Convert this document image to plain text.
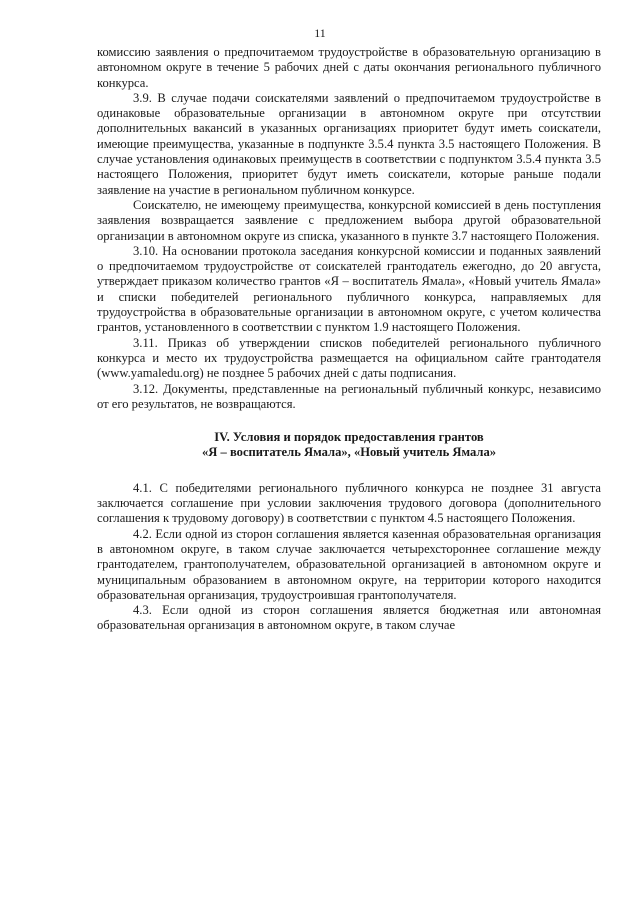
11

комиссию заявления о предпочитаемом трудоустройстве в образовательную организацию в автономном округе в течение 5 рабочих дней с даты окончания регионального публичного конкурса.

3.9. В случае подачи соискателями заявлений о предпочитаемом трудоустройстве в одинаковые образовательные организации в автономном округе при отсутствии дополнительных вакансий в указанных организациях приоритет будут иметь соискатели, имеющие преимущества, указанные в подпункте 3.5.4 пункта 3.5 настоящего Положения. В случае установления одинаковых преимуществ в соответствии с подпунктом 3.5.4 пункта 3.5 настоящего Положения, приоритет будут иметь соискатели, которые раньше подали заявление на участие в региональном публичном конкурсе.

Соискателю, не имеющему преимущества, конкурсной комиссией в день поступления заявления возвращается заявление с предложением выбора другой образовательной организации в автономном округе из списка, указанного в пункте 3.7 настоящего Положения.

3.10. На основании протокола заседания конкурсной комиссии и поданных заявлений о предпочитаемом трудоустройстве от соискателей грантодатель ежегодно, до 20 августа, утверждает приказом количество грантов «Я – воспитатель Ямала», «Новый учитель Ямала» и списки победителей регионального публичного конкурса, направляемых для трудоустройства в образовательные организации в автономном округе, с учетом количества грантов, установленного в соответствии с пунктом 1.9 настоящего Положения.

3.11. Приказ об утверждении списков победителей регионального публичного конкурса и место их трудоустройства размещается на официальном сайте грантодателя (www.yamaledu.org) не позднее 5 рабочих дней с даты подписания.

3.12. Документы, представленные на региональный публичный конкурс, независимо от его результатов, не возвращаются.

IV. Условия и порядок предоставления грантов
«Я – воспитатель Ямала», «Новый учитель Ямала»

4.1. С победителями регионального публичного конкурса не позднее 31 августа заключается соглашение при условии заключения трудового договора (дополнительного соглашения к трудовому договору) в соответствии с пунктом 4.5 настоящего Положения.

4.2. Если одной из сторон соглашения является казенная образовательная организация в автономном округе, в таком случае заключается четырехстороннее соглашение между грантодателем, грантополучателем, образовательной организацией в автономном округе и муниципальным образованием в автономном округе, на территории которого находится образовательная организация, трудоустроившая грантополучателя.

4.3. Если одной из сторон соглашения является бюджетная или автономная образовательная организация в автономном округе, в таком случае
